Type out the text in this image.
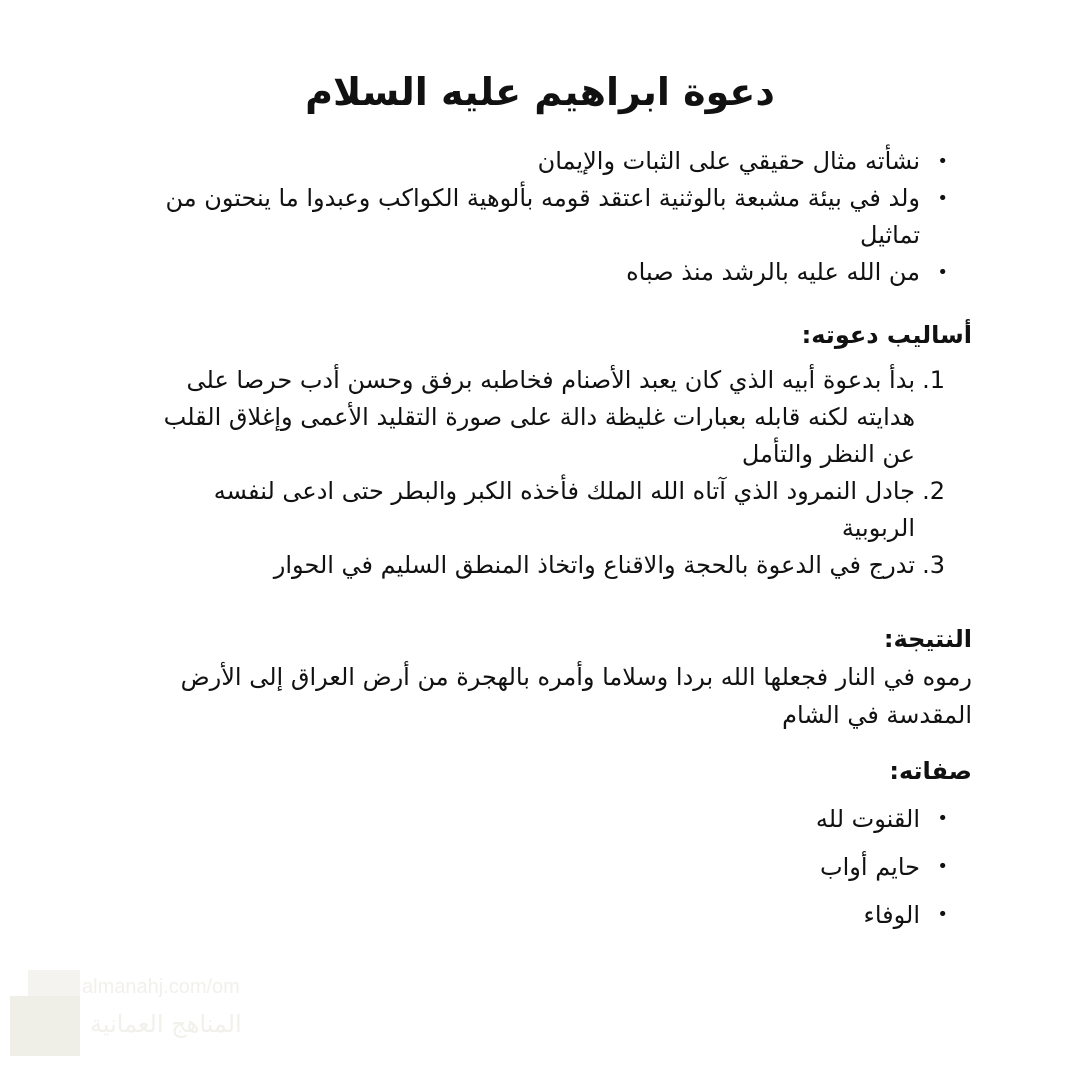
دعوة ابراهيم عليه السلام
•
نشأته مثال حقيقي على الثبات والإيمان
•
ولد في بيئة مشبعة بالوثنية اعتقد قومه بألوهية الكواكب وعبدوا ما ينحتون من تماثيل
•
من الله عليه بالرشد منذ صباه

أساليب دعوته:

1.
بدأ بدعوة أبيه الذي كان يعبد الأصنام فخاطبه برفق وحسن أدب حرصا على هدايته لكنه قابله بعبارات غليظة دالة على صورة التقليد الأعمى وإغلاق القلب عن النظر والتأمل
2.
جادل النمرود الذي آتاه الله الملك فأخذه الكبر والبطر حتى ادعى لنفسه الربوبية
3.
تدرج في الدعوة بالحجة والاقناع واتخاذ المنطق السليم في الحوار

النتيجة:

رموه في النار فجعلها الله بردا وسلاما وأمره بالهجرة من أرض العراق إلى الأرض المقدسة في الشام

صفاته:

•
القنوت لله
•
حايم أواب
•
الوفاء
almanahj.com/om
المناهج العمانية
